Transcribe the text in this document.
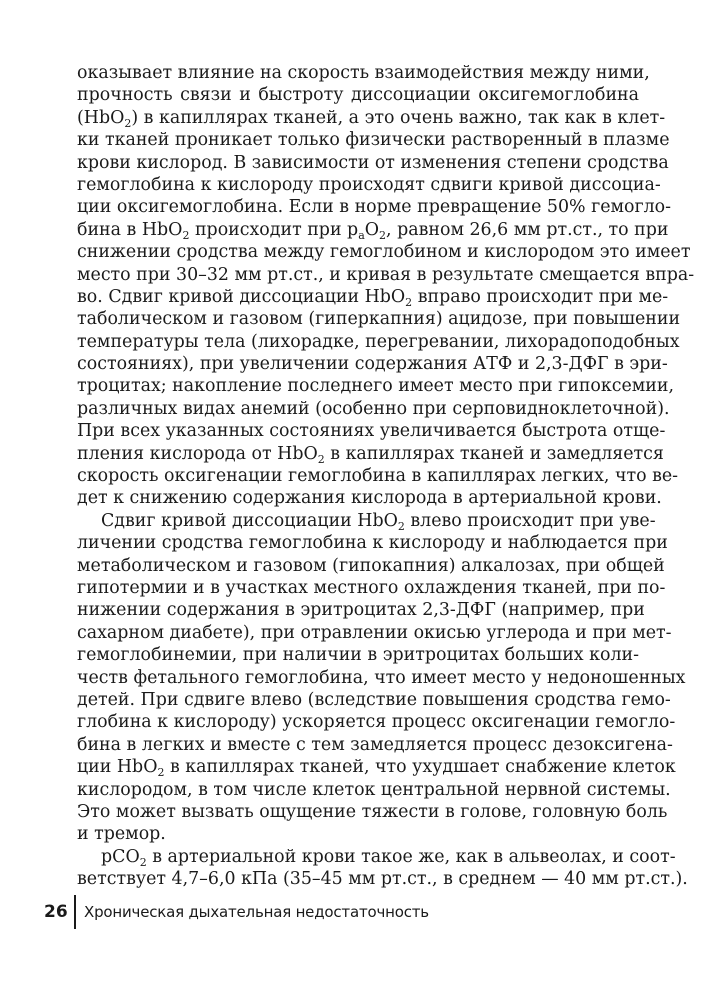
оказывает влияние на скорость взаимодействия между ними,
прочность связи и быстроту диссоциации оксигемоглобина
(HbO$_2$) в капиллярах тканей, а это очень важно, так как в клет-
ки тканей проникает только физически растворенный в плазме
крови кислород. В зависимости от изменения степени сродства
гемоглобина к кислороду происходят сдвиги кривой диссоциа-
ции оксигемоглобина. Если в норме превращение 50% гемогло-
бина в HbO$_2$ происходит при $р_аO_2$, равном 26,6 мм рт.ст., то при
снижении сродства между гемоглобином и кислородом это имеет
место при 30–32 мм рт.ст., и кривая в результате смещается впра-
во. Сдвиг кривой диссоциации HbO$_2$ вправо происходит при ме-
таболическом и газовом (гиперкапния) ацидозе, при повышении
температуры тела (лихорадке, перегревании, лихорадоподобных
состояниях), при увеличении содержания АТФ и 2,3-ДФГ в эри-
троцитах; накопление последнего имеет место при гипоксемии,
различных видах анемий (особенно при серповидноклеточной).
При всех указанных состояниях увеличивается быстрота отще-
пления кислорода от HbO$_2$ в капиллярах тканей и замедляется
скорость оксигенации гемоглобина в капиллярах легких, что ве-
дет к снижению содержания кислорода в артериальной крови.
Сдвиг кривой диссоциации HbO$_2$ влево происходит при уве-
личении сродства гемоглобина к кислороду и наблюдается при
метаболическом и газовом (гипокапния) алкалозах, при общей
гипотермии и в участках местного охлаждения тканей, при по-
нижении содержания в эритроцитах 2,3-ДФГ (например, при
сахарном диабете), при отравлении окисью углерода и при мет-
гемоглобинемии, при наличии в эритроцитах больших коли-
честв фетального гемоглобина, что имеет место у недоношенных
детей. При сдвиге влево (вследствие повышения сродства гемо-
глобина к кислороду) ускоряется процесс оксигенации гемогло-
бина в легких и вместе с тем замедляется процесс дезоксигена-
ции HbO$_2$ в капиллярах тканей, что ухудшает снабжение клеток
кислородом, в том числе клеток центральной нервной системы.
Это может вызвать ощущение тяжести в голове, головную боль
и тремор.
рСО$_2$ в артериальной крови такое же, как в альвеолах, и соот-
ветствует 4,7–6,0 кПа (35–45 мм рт.ст., в среднем — 40 мм рт.ст.).
26	Хроническая дыхательная недостаточность
